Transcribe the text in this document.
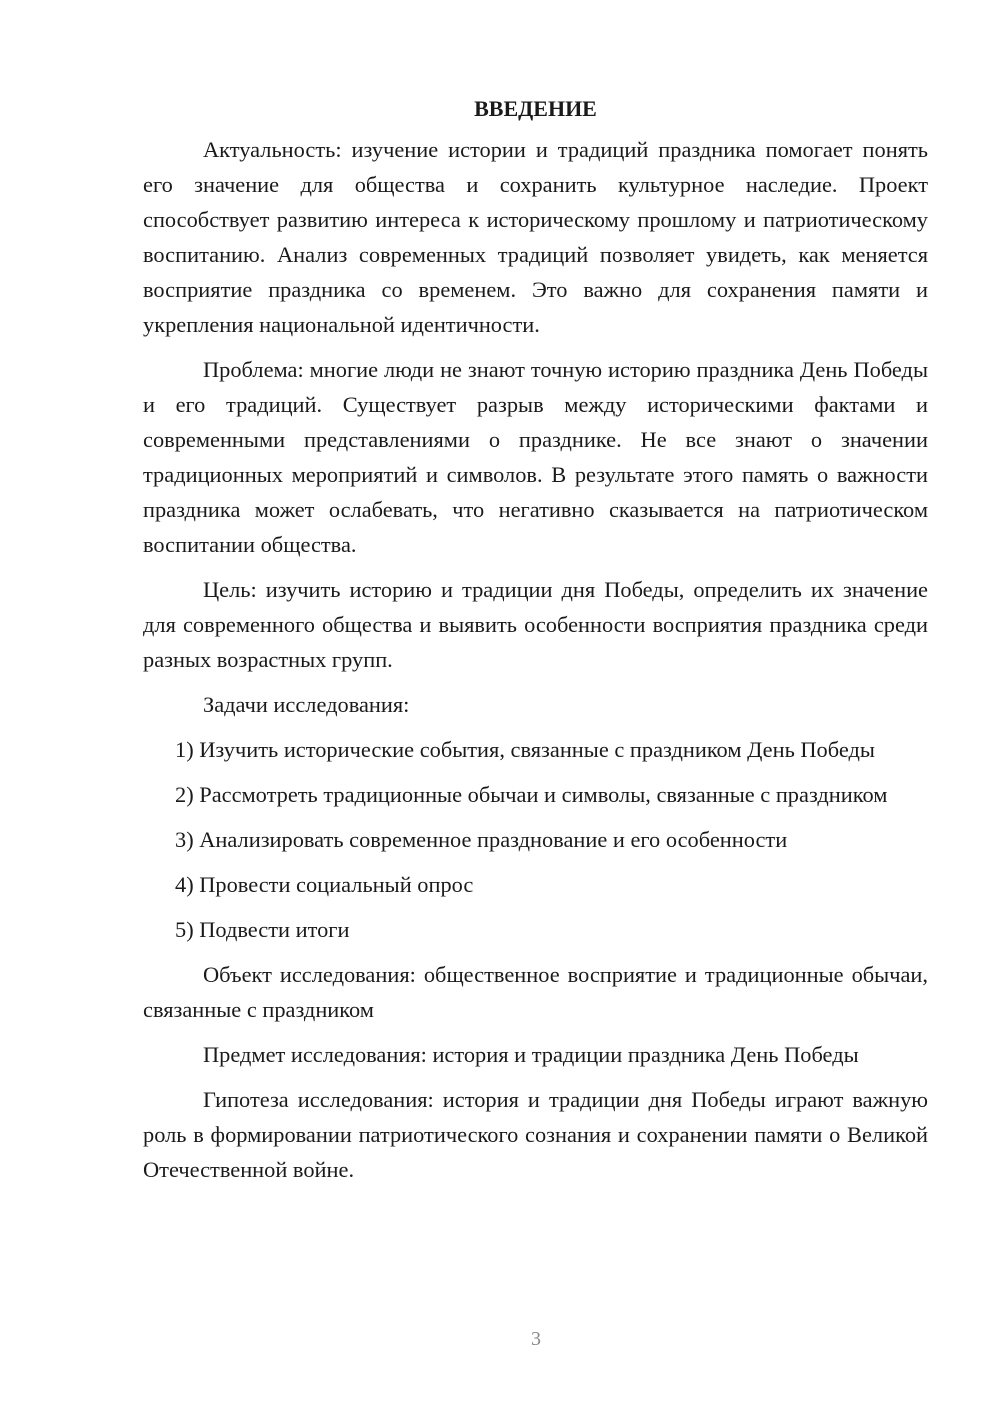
ВВЕДЕНИЕ

Актуальность: изучение истории и традиций праздника помогает понять его значение для общества и сохранить культурное наследие. Проект способствует развитию интереса к историческому прошлому и патриотическому воспитанию. Анализ современных традиций позволяет увидеть, как меняется восприятие праздника со временем. Это важно для сохранения памяти и укрепления национальной идентичности.

Проблема: многие люди не знают точную историю праздника День Победы и его традиций. Существует разрыв между историческими фактами и современными представлениями о празднике. Не все знают о значении традиционных мероприятий и символов. В результате этого память о важности праздника может ослабевать, что негативно сказывается на патриотическом воспитании общества.

Цель: изучить историю и традиции дня Победы, определить их значение для современного общества и выявить особенности восприятия праздника среди разных возрастных групп.

Задачи исследования:

1) Изучить исторические события, связанные с праздником День Победы

2) Рассмотреть традиционные обычаи и символы, связанные с праздником

3) Анализировать современное празднование и его особенности

4) Провести социальный опрос

5) Подвести итоги

Объект исследования: общественное восприятие и традиционные обычаи, связанные с праздником

Предмет исследования: история и традиции праздника День Победы

Гипотеза исследования: история и традиции дня Победы играют важную роль в формировании патриотического сознания и сохранении памяти о Великой Отечественной войне.

3
